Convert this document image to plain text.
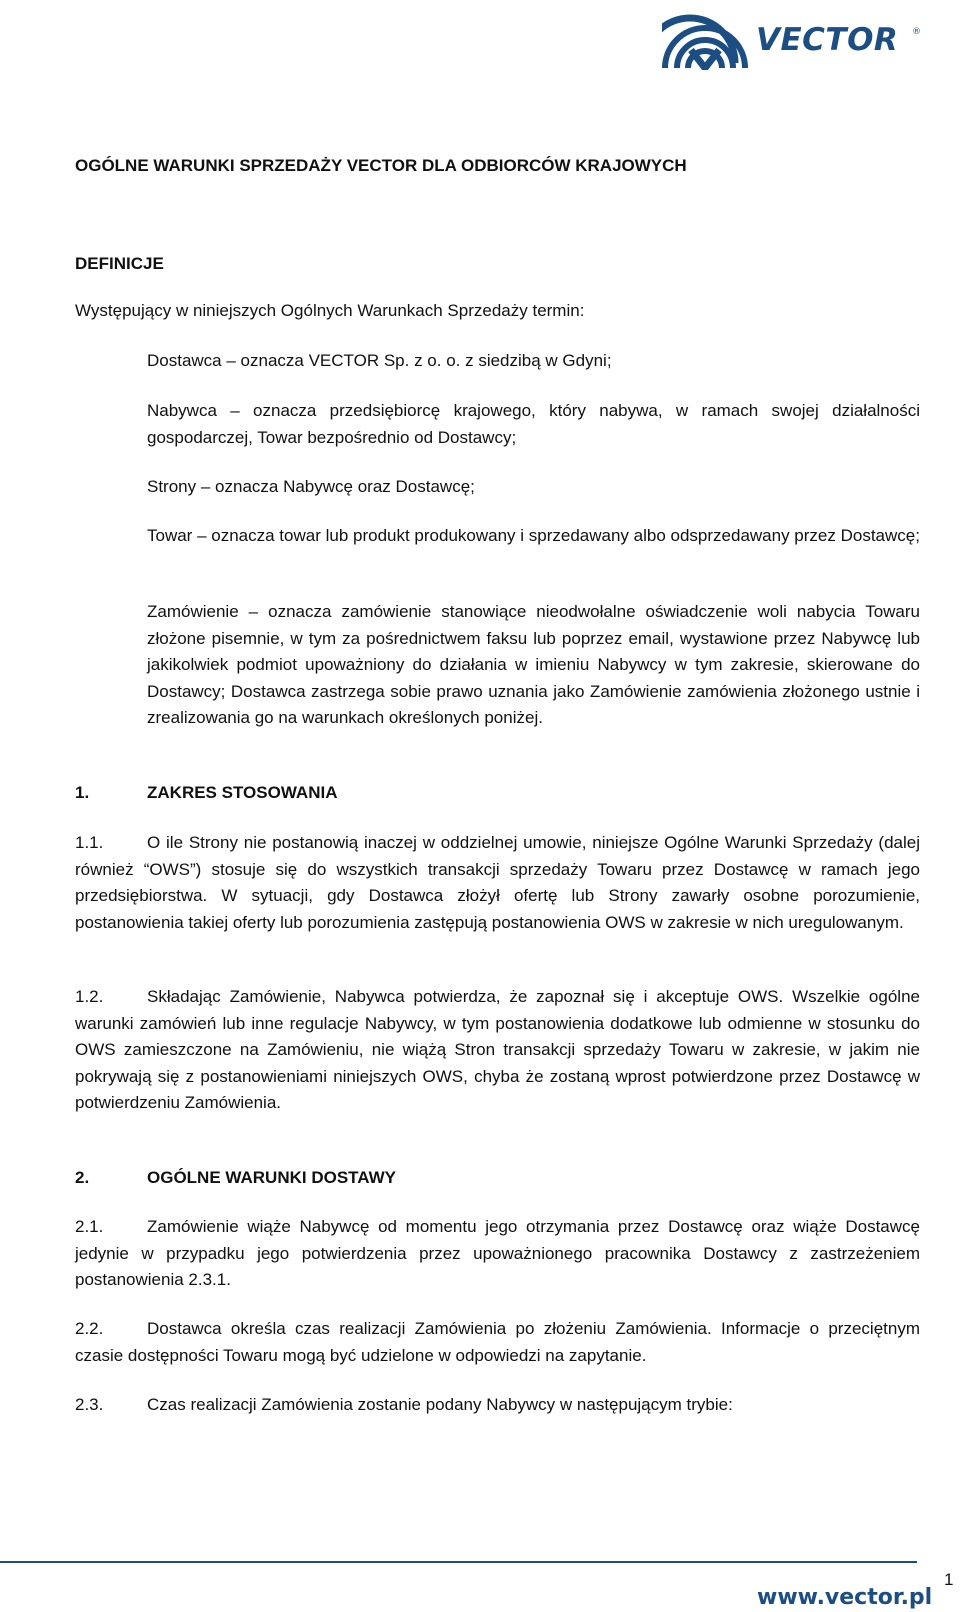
VECTOR ®
OGÓLNE WARUNKI SPRZEDAŻY VECTOR DLA ODBIORCÓW KRAJOWYCH
DEFINICJE
Występujący w niniejszych Ogólnych Warunkach Sprzedaży termin:
Dostawca – oznacza VECTOR Sp. z o. o. z siedzibą w Gdyni;
Nabywca – oznacza przedsiębiorcę krajowego, który nabywa, w ramach swojej działalności gospodarczej, Towar bezpośrednio od Dostawcy;
Strony – oznacza Nabywcę oraz Dostawcę;
Towar – oznacza towar lub produkt produkowany i sprzedawany albo odsprzedawany przez Dostawcę;
Zamówienie – oznacza zamówienie stanowiące nieodwołalne oświadczenie woli nabycia Towaru złożone pisemnie, w tym za pośrednictwem faksu lub poprzez email, wystawione przez Nabywcę lub jakikolwiek podmiot upoważniony do działania w imieniu Nabywcy w tym zakresie, skierowane do Dostawcy; Dostawca zastrzega sobie prawo uznania jako Zamówienie zamówienia złożonego ustnie i zrealizowania go na warunkach określonych poniżej.
1.	ZAKRES STOSOWANIA
1.1.	O ile Strony nie postanowią inaczej w oddzielnej umowie, niniejsze Ogólne Warunki Sprzedaży (dalej również “OWS”) stosuje się do wszystkich transakcji sprzedaży Towaru przez Dostawcę w ramach jego przedsiębiorstwa. W sytuacji, gdy Dostawca złożył ofertę lub Strony zawarły osobne porozumienie, postanowienia takiej oferty lub porozumienia zastępują postanowienia OWS w zakresie w nich uregulowanym.
1.2.	Składając Zamówienie, Nabywca potwierdza, że zapoznał się i akceptuje OWS. Wszelkie ogólne warunki zamówień lub inne regulacje Nabywcy, w tym postanowienia dodatkowe lub odmienne w stosunku do OWS zamieszczone na Zamówieniu, nie wiążą Stron transakcji sprzedaży Towaru w zakresie, w jakim nie pokrywają się z postanowieniami niniejszych OWS, chyba że zostaną wprost potwierdzone przez Dostawcę w potwierdzeniu Zamówienia.
2.	OGÓLNE WARUNKI DOSTAWY
2.1.	Zamówienie wiąże Nabywcę od momentu jego otrzymania przez Dostawcę oraz wiąże Dostawcę jedynie w przypadku jego potwierdzenia przez upoważnionego pracownika Dostawcy z zastrzeżeniem postanowienia 2.3.1.
2.2.	Dostawca określa czas realizacji Zamówienia po złożeniu Zamówienia. Informacje o przeciętnym czasie dostępności Towaru mogą być udzielone w odpowiedzi na zapytanie.
2.3.	Czas realizacji Zamówienia zostanie podany Nabywcy w następującym trybie:
1
www.vector.pl
